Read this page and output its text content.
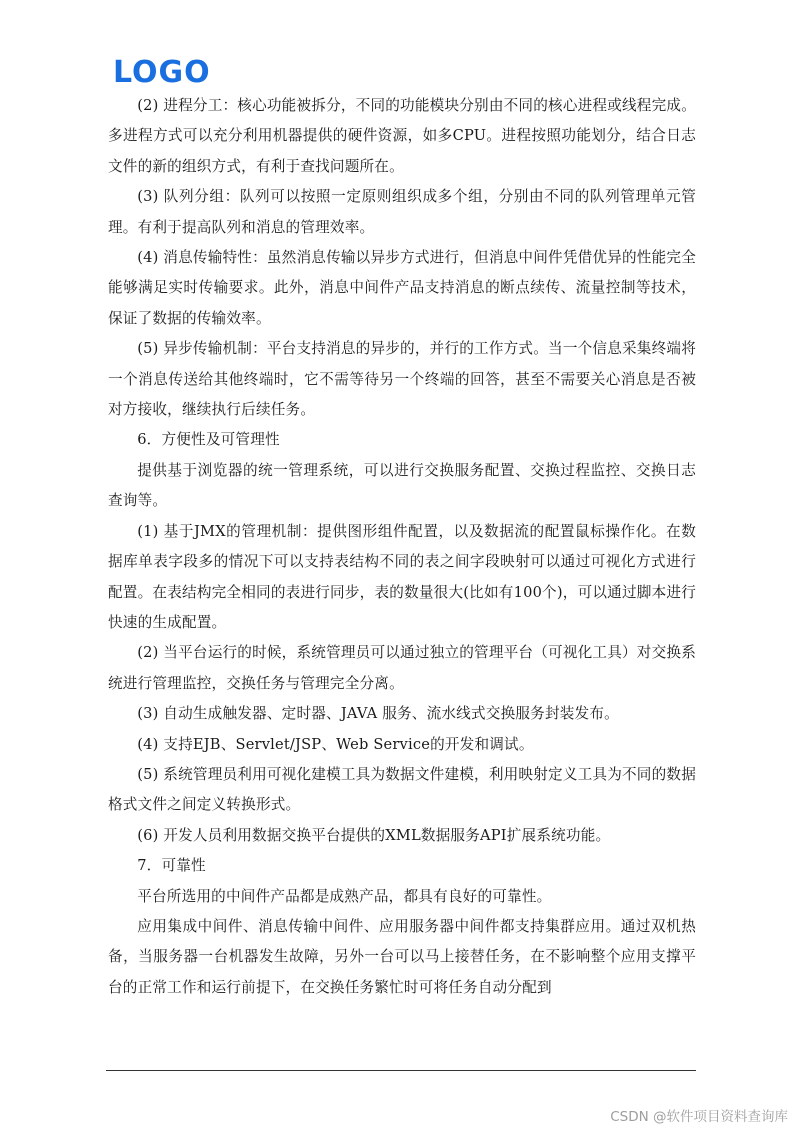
LOGO

(2) 进程分工：核心功能被拆分，不同的功能模块分别由不同的核心进程或线程完成。多进程方式可以充分利用机器提供的硬件资源，如多CPU。进程按照功能划分，结合日志文件的新的组织方式，有利于查找问题所在。

(3) 队列分组：队列可以按照一定原则组织成多个组，分别由不同的队列管理单元管理。有利于提高队列和消息的管理效率。

(4) 消息传输特性：虽然消息传输以异步方式进行，但消息中间件凭借优异的性能完全能够满足实时传输要求。此外，消息中间件产品支持消息的断点续传、流量控制等技术，保证了数据的传输效率。

(5) 异步传输机制：平台支持消息的异步的，并行的工作方式。当一个信息采集终端将一个消息传送给其他终端时，它不需等待另一个终端的回答，甚至不需要关心消息是否被对方接收，继续执行后续任务。

6．方便性及可管理性

提供基于浏览器的统一管理系统，可以进行交换服务配置、交换过程监控、交换日志查询等。

(1) 基于JMX的管理机制：提供图形组件配置，以及数据流的配置鼠标操作化。在数据库单表字段多的情况下可以支持表结构不同的表之间字段映射可以通过可视化方式进行配置。在表结构完全相同的表进行同步，表的数量很大(比如有100个)，可以通过脚本进行快速的生成配置。

(2) 当平台运行的时候，系统管理员可以通过独立的管理平台（可视化工具）对交换系统进行管理监控，交换任务与管理完全分离。

(3) 自动生成触发器、定时器、JAVA 服务、流水线式交换服务封装发布。

(4) 支持EJB、Servlet/JSP、Web Service的开发和调试。

(5) 系统管理员利用可视化建模工具为数据文件建模，利用映射定义工具为不同的数据格式文件之间定义转换形式。

(6) 开发人员利用数据交换平台提供的XML数据服务API扩展系统功能。

7．可靠性

平台所选用的中间件产品都是成熟产品，都具有良好的可靠性。

应用集成中间件、消息传输中间件、应用服务器中间件都支持集群应用。通过双机热备，当服务器一台机器发生故障，另外一台可以马上接替任务，在不影响整个应用支撑平台的正常工作和运行前提下，在交换任务繁忙时可将任务自动分配到

CSDN @软件项目资料查询库
